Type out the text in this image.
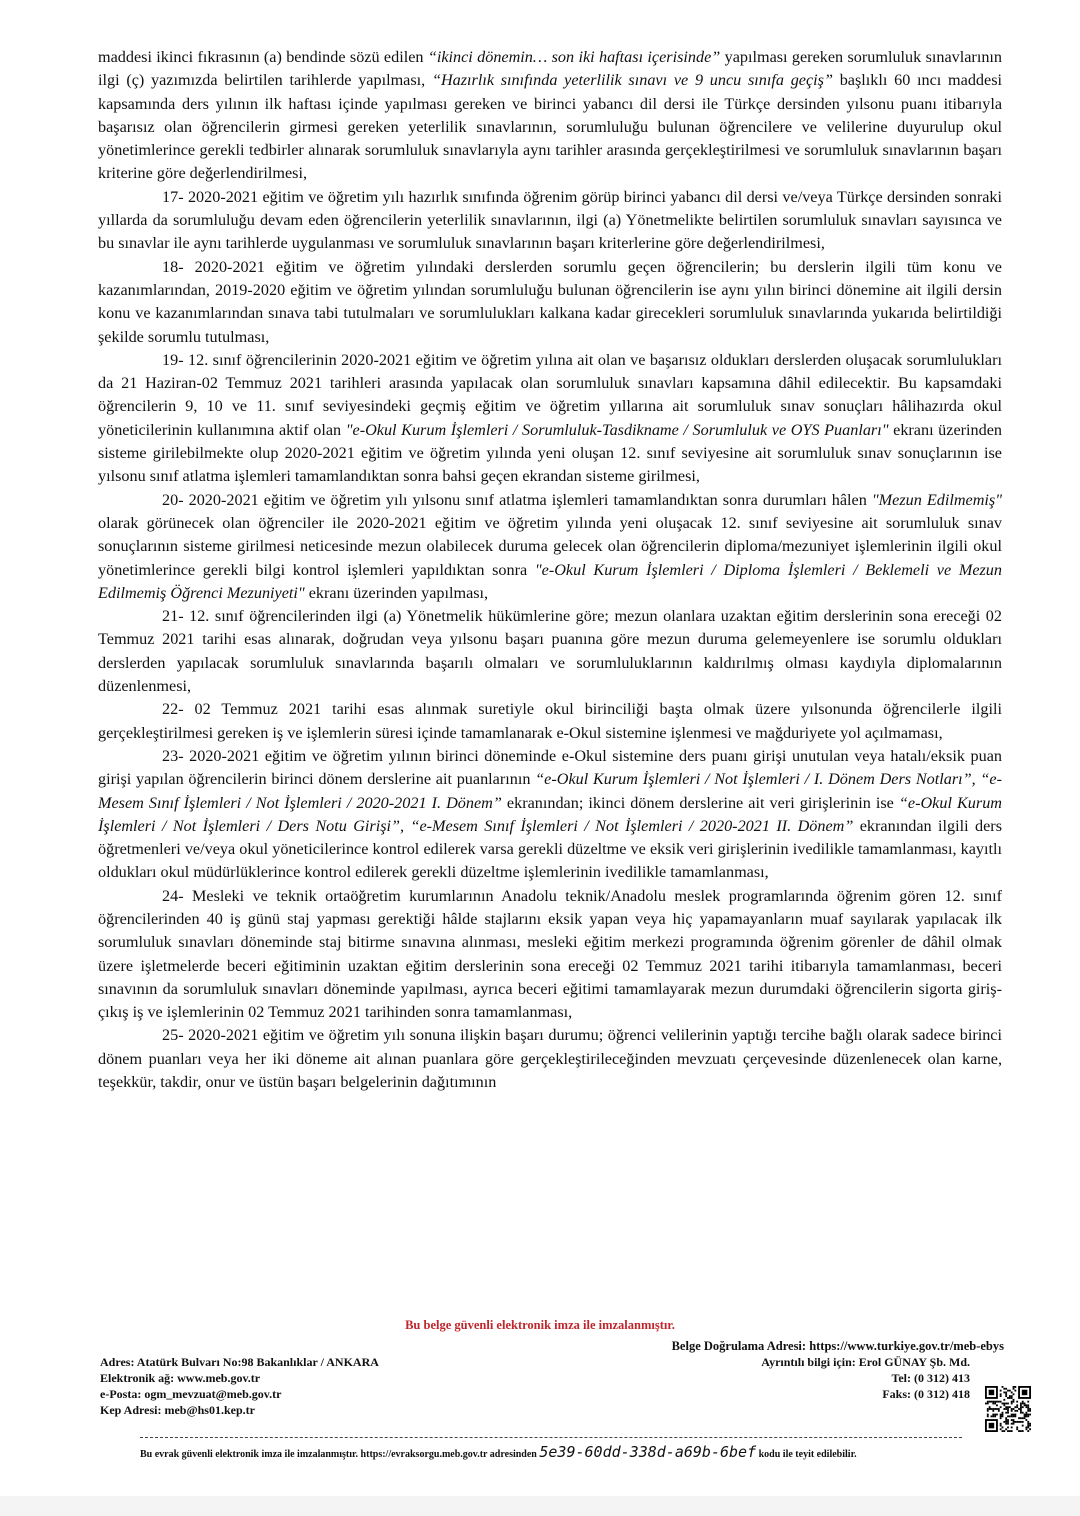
maddesi ikinci fıkrasının (a) bendinde sözü edilen “ikinci dönemin… son iki haftası içerisinde” yapılması gereken sorumluluk sınavlarının ilgi (ç) yazımızda belirtilen tarihlerde yapılması, “Hazırlık sınıfında yeterlilik sınavı ve 9 uncu sınıfa geçiş” başlıklı 60 ıncı maddesi kapsamında ders yılının ilk haftası içinde yapılması gereken ve birinci yabancı dil dersi ile Türkçe dersinden yılsonu puanı itibarıyla başarısız olan öğrencilerin girmesi gereken yeterlilik sınavlarının, sorumluluğu bulunan öğrencilere ve velilerine duyurulup okul yönetimlerince gerekli tedbirler alınarak sorumluluk sınavlarıyla aynı tarihler arasında gerçekleştirilmesi ve sorumluluk sınavlarının başarı kriterine göre değerlendirilmesi,

17- 2020-2021 eğitim ve öğretim yılı hazırlık sınıfında öğrenim görüp birinci yabancı dil dersi ve/veya Türkçe dersinden sonraki yıllarda da sorumluluğu devam eden öğrencilerin yeterlilik sınavlarının, ilgi (a) Yönetmelikte belirtilen sorumluluk sınavları sayısınca ve bu sınavlar ile aynı tarihlerde uygulanması ve sorumluluk sınavlarının başarı kriterlerine göre değerlendirilmesi,

18- 2020-2021 eğitim ve öğretim yılındaki derslerden sorumlu geçen öğrencilerin; bu derslerin ilgili tüm konu ve kazanımlarından, 2019-2020 eğitim ve öğretim yılından sorumluluğu bulunan öğrencilerin ise aynı yılın birinci dönemine ait ilgili dersin konu ve kazanımlarından sınava tabi tutulmaları ve sorumlulukları kalkana kadar girecekleri sorumluluk sınavlarında yukarıda belirtildiği şekilde sorumlu tutulması,

19- 12. sınıf öğrencilerinin 2020-2021 eğitim ve öğretim yılına ait olan ve başarısız oldukları derslerden oluşacak sorumlulukları da 21 Haziran-02 Temmuz 2021 tarihleri arasında yapılacak olan sorumluluk sınavları kapsamına dâhil edilecektir. Bu kapsamdaki öğrencilerin 9, 10 ve 11. sınıf seviyesindeki geçmiş eğitim ve öğretim yıllarına ait sorumluluk sınav sonuçları hâlihazırda okul yöneticilerinin kullanımına aktif olan "e-Okul Kurum İşlemleri / Sorumluluk-Tasdikname / Sorumluluk ve OYS Puanları" ekranı üzerinden sisteme girilebilmekte olup 2020-2021 eğitim ve öğretim yılında yeni oluşan 12. sınıf seviyesine ait sorumluluk sınav sonuçlarının ise yılsonu sınıf atlatma işlemleri tamamlandıktan sonra bahsi geçen ekrandan sisteme girilmesi,

20- 2020-2021 eğitim ve öğretim yılı yılsonu sınıf atlatma işlemleri tamamlandıktan sonra durumları hâlen "Mezun Edilmemiş" olarak görünecek olan öğrenciler ile 2020-2021 eğitim ve öğretim yılında yeni oluşacak 12. sınıf seviyesine ait sorumluluk sınav sonuçlarının sisteme girilmesi neticesinde mezun olabilecek duruma gelecek olan öğrencilerin diploma/mezuniyet işlemlerinin ilgili okul yönetimlerince gerekli bilgi kontrol işlemleri yapıldıktan sonra "e-Okul Kurum İşlemleri / Diploma İşlemleri / Beklemeli ve Mezun Edilmemiş Öğrenci Mezuniyeti" ekranı üzerinden yapılması,

21- 12. sınıf öğrencilerinden ilgi (a) Yönetmelik hükümlerine göre; mezun olanlara uzaktan eğitim derslerinin sona ereceği 02 Temmuz 2021 tarihi esas alınarak, doğrudan veya yılsonu başarı puanına göre mezun duruma gelemeyenlere ise sorumlu oldukları derslerden yapılacak sorumluluk sınavlarında başarılı olmaları ve sorumluluklarının kaldırılmış olması kaydıyla diplomalarının düzenlenmesi,

22- 02 Temmuz 2021 tarihi esas alınmak suretiyle okul birinciliği başta olmak üzere yılsonunda öğrencilerle ilgili gerçekleştirilmesi gereken iş ve işlemlerin süresi içinde tamamlanarak e-Okul sistemine işlenmesi ve mağduriyete yol açılmaması,

23- 2020-2021 eğitim ve öğretim yılının birinci döneminde e-Okul sistemine ders puanı girişi unutulan veya hatalı/eksik puan girişi yapılan öğrencilerin birinci dönem derslerine ait puanlarının “e-Okul Kurum İşlemleri / Not İşlemleri / I. Dönem Ders Notları”, “e-Mesem Sınıf İşlemleri / Not İşlemleri / 2020-2021 I. Dönem” ekranından; ikinci dönem derslerine ait veri girişlerinin ise “e-Okul Kurum İşlemleri / Not İşlemleri / Ders Notu Girişi”, “e-Mesem Sınıf İşlemleri / Not İşlemleri / 2020-2021 II. Dönem” ekranından ilgili ders öğretmenleri ve/veya okul yöneticilerince kontrol edilerek varsa gerekli düzeltme ve eksik veri girişlerinin ivedilikle tamamlanması, kayıtlı oldukları okul müdürlüklerince kontrol edilerek gerekli düzeltme işlemlerinin ivedilikle tamamlanması,

24- Mesleki ve teknik ortaöğretim kurumlarının Anadolu teknik/Anadolu meslek programlarında öğrenim gören 12. sınıf öğrencilerinden 40 iş günü staj yapması gerektiği hâlde stajlarını eksik yapan veya hiç yapamayanların muaf sayılarak yapılacak ilk sorumluluk sınavları döneminde staj bitirme sınavına alınması, mesleki eğitim merkezi programında öğrenim görenler de dâhil olmak üzere işletmelerde beceri eğitiminin uzaktan eğitim derslerinin sona ereceği 02 Temmuz 2021 tarihi itibarıyla tamamlanması, beceri sınavının da sorumluluk sınavları döneminde yapılması, ayrıca beceri eğitimi tamamlayarak mezun durumdaki öğrencilerin sigorta giriş-çıkış iş ve işlemlerinin 02 Temmuz 2021 tarihinden sonra tamamlanması,

25- 2020-2021 eğitim ve öğretim yılı sonuna ilişkin başarı durumu; öğrenci velilerinin yaptığı tercihe bağlı olarak sadece birinci dönem puanları veya her iki döneme ait alınan puanlara göre gerçekleştirileceğinden mevzuatı çerçevesinde düzenlenecek olan karne, teşekkür, takdir, onur ve üstün başarı belgelerinin dağıtımının

Bu belge güvenli elektronik imza ile imzalanmıştır.
Belge Doğrulama Adresi: https://www.turkiye.gov.tr/meb-ebys
Adres: Atatürk Bulvarı No:98 Bakanlıklar / ANKARA
Elektronik ağ: www.meb.gov.tr
e-Posta: ogm_mevzuat@meb.gov.tr
Kep Adresi: meb@hs01.kep.tr
Ayrıntılı bilgi için: Erol GÜNAY Şb. Md.
Tel: (0 312) 413
Faks: (0 312) 418
Bu evrak güvenli elektronik imza ile imzalanmıştır. https://evraksorgu.meb.gov.tr adresinden 5e39-60dd-338d-a69b-6bef kodu ile teyit edilebilir.
